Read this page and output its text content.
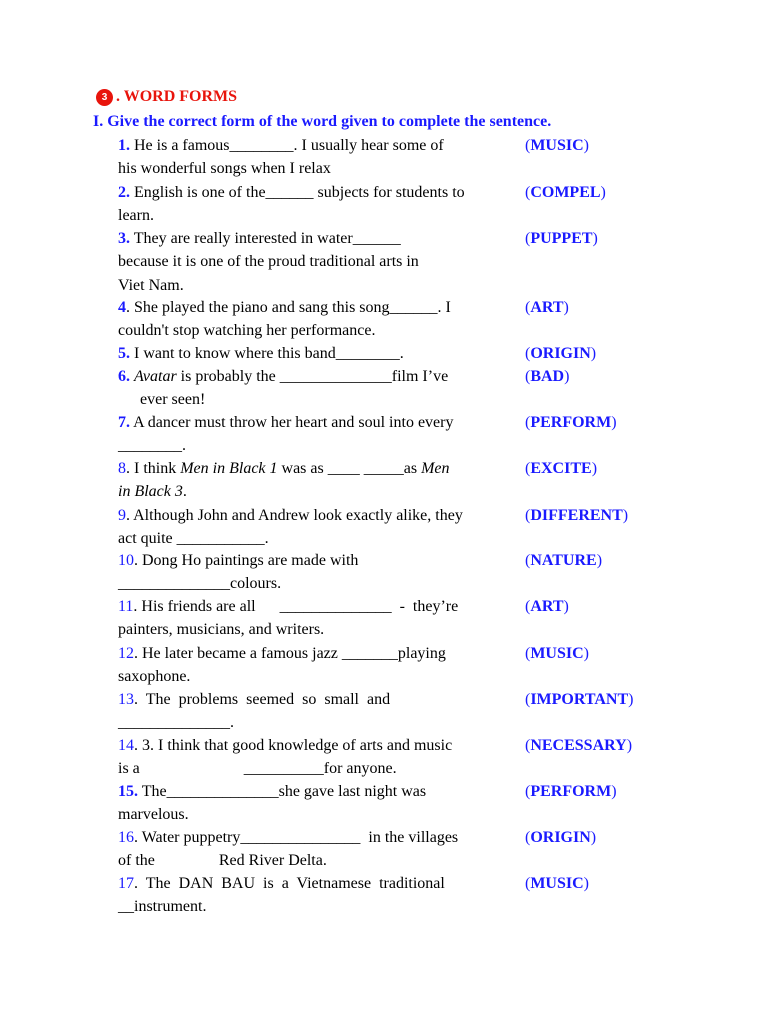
3 . WORD FORMS
I. Give the correct form of the word given to complete the sentence.
1. He is a famous________. I usually hear some of
his wonderful songs when I relax
(MUSIC)
2. English is one of the______ subjects for students to
learn.
(COMPEL)
3. They are really interested in water______
because it is one of the proud traditional arts in
Viet Nam.
(PUPPET)
4. She played the piano and sang this song______. I
couldn't stop watching her performance.
(ART)
5. I want to know where this band________.	(ORIGIN)
6. Avatar is probably the ______________film I’ve
ever seen!
(BAD)
7. A dancer must throw her heart and soul into every
________.
(PERFORM)
8. I think Men in Black 1 was as ____ _____as Men
in Black 3.
(EXCITE)
9. Although John and Andrew look exactly alike, they
act quite ___________.
(DIFFERENT)
10. Dong Ho paintings are made with
______________colours.
(NATURE)
11. His friends are all      ______________  -  they’re
painters, musicians, and writers.
(ART)
12. He later became a famous jazz _______playing
saxophone.
(MUSIC)
13.  The  problems  seemed  so  small  and
______________.
(IMPORTANT)
14. 3. I think that good knowledge of arts and music
is a                          __________for anyone.
(NECESSARY)
15. The______________she gave last night was
marvelous.
(PERFORM)
16. Water puppetry_______________  in the villages
of the                Red River Delta.
(ORIGIN)
17.  The  DAN  BAU  is  a  Vietnamese  traditional
__instrument.
(MUSIC)
